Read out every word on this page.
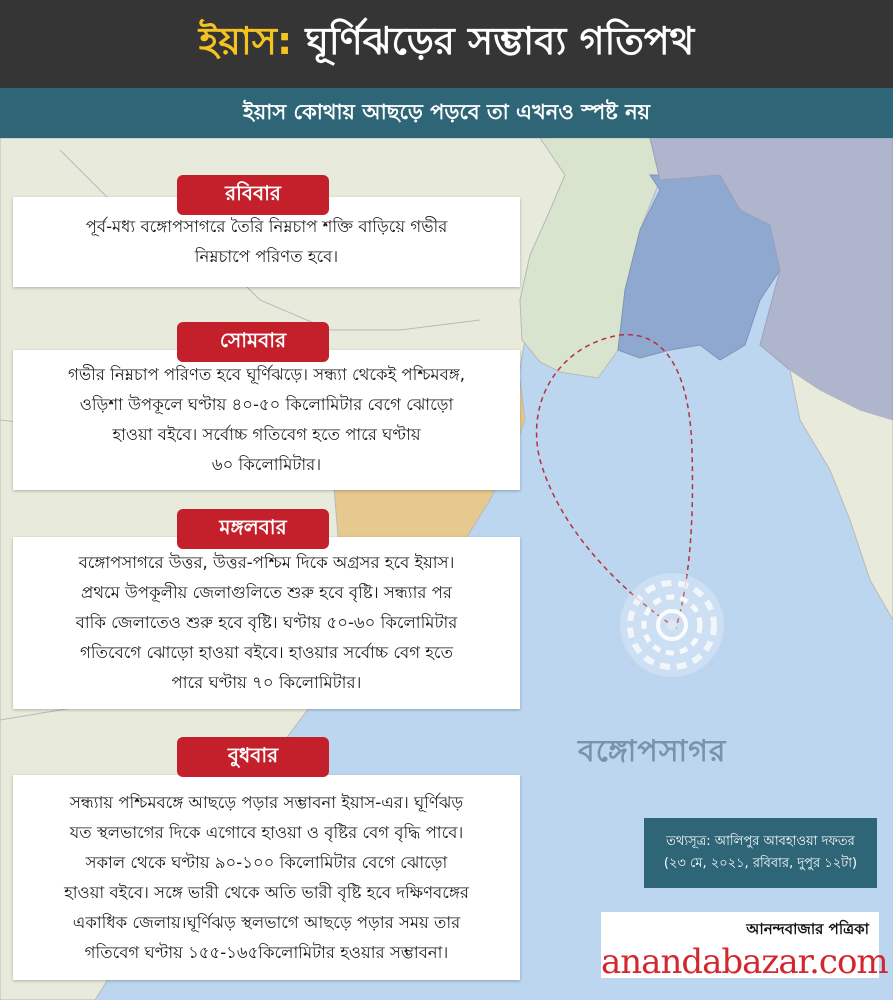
ইয়াস: ঘূর্ণিঝড়ের সম্ভাব্য গতিপথ
ইয়াস কোথায় আছড়ে পড়বে তা এখনও স্পষ্ট নয়

পূর্ব-মধ্য বঙ্গোপসাগরে তৈরি নিম্নচাপ শক্তি বাড়িয়ে গভীর
নিম্নচাপে পরিণত হবে।

রবিবার

গভীর নিম্নচাপ পরিণত হবে ঘূর্ণিঝড়ে। সন্ধ্যা থেকেই পশ্চিমবঙ্গ,
ওড়িশা উপকূলে ঘণ্টায় ৪০-৫০ কিলোমিটার বেগে ঝোড়ো
হাওয়া বইবে। সর্বোচ্চ গতিবেগ হতে পারে ঘণ্টায়
৬০ কিলোমিটার।

সোমবার

বঙ্গোপসাগরে উত্তর, উত্তর-পশ্চিম দিকে অগ্রসর হবে ইয়াস।
প্রথমে উপকূলীয় জেলাগুলিতে শুরু হবে বৃষ্টি। সন্ধ্যার পর
বাকি জেলাতেও শুরু হবে বৃষ্টি। ঘণ্টায় ৫০-৬০ কিলোমিটার
গতিবেগে ঝোড়ো হাওয়া বইবে। হাওয়ার সর্বোচ্চ বেগ হতে
পারে ঘণ্টায় ৭০ কিলোমিটার।

মঙ্গলবার

সন্ধ্যায় পশ্চিমবঙ্গে আছড়ে পড়ার সম্ভাবনা ইয়াস-এর। ঘূর্ণিঝড়
যত স্থলভাগের দিকে এগোবে হাওয়া ও বৃষ্টির বেগ বৃদ্ধি পাবে।
সকাল থেকে ঘণ্টায় ৯০-১০০ কিলোমিটার বেগে ঝোড়ো
হাওয়া বইবে। সঙ্গে ভারী থেকে অতি ভারী বৃষ্টি হবে দক্ষিণবঙ্গের
একাধিক জেলায়।ঘূর্ণিঝড় স্থলভাগে আছড়ে পড়ার সময় তার
গতিবেগ ঘণ্টায় ১৫৫-১৬৫কিলোমিটার হওয়ার সম্ভাবনা।

বুধবার	বঙ্গোপসাগর
তথ্যসূত্র: আলিপুর আবহাওয়া দফতর
(২৩ মে, ২০২১, রবিবার, দুপুর ১২টা)
আনন্দবাজার পত্রিকা
anandabazar.com
